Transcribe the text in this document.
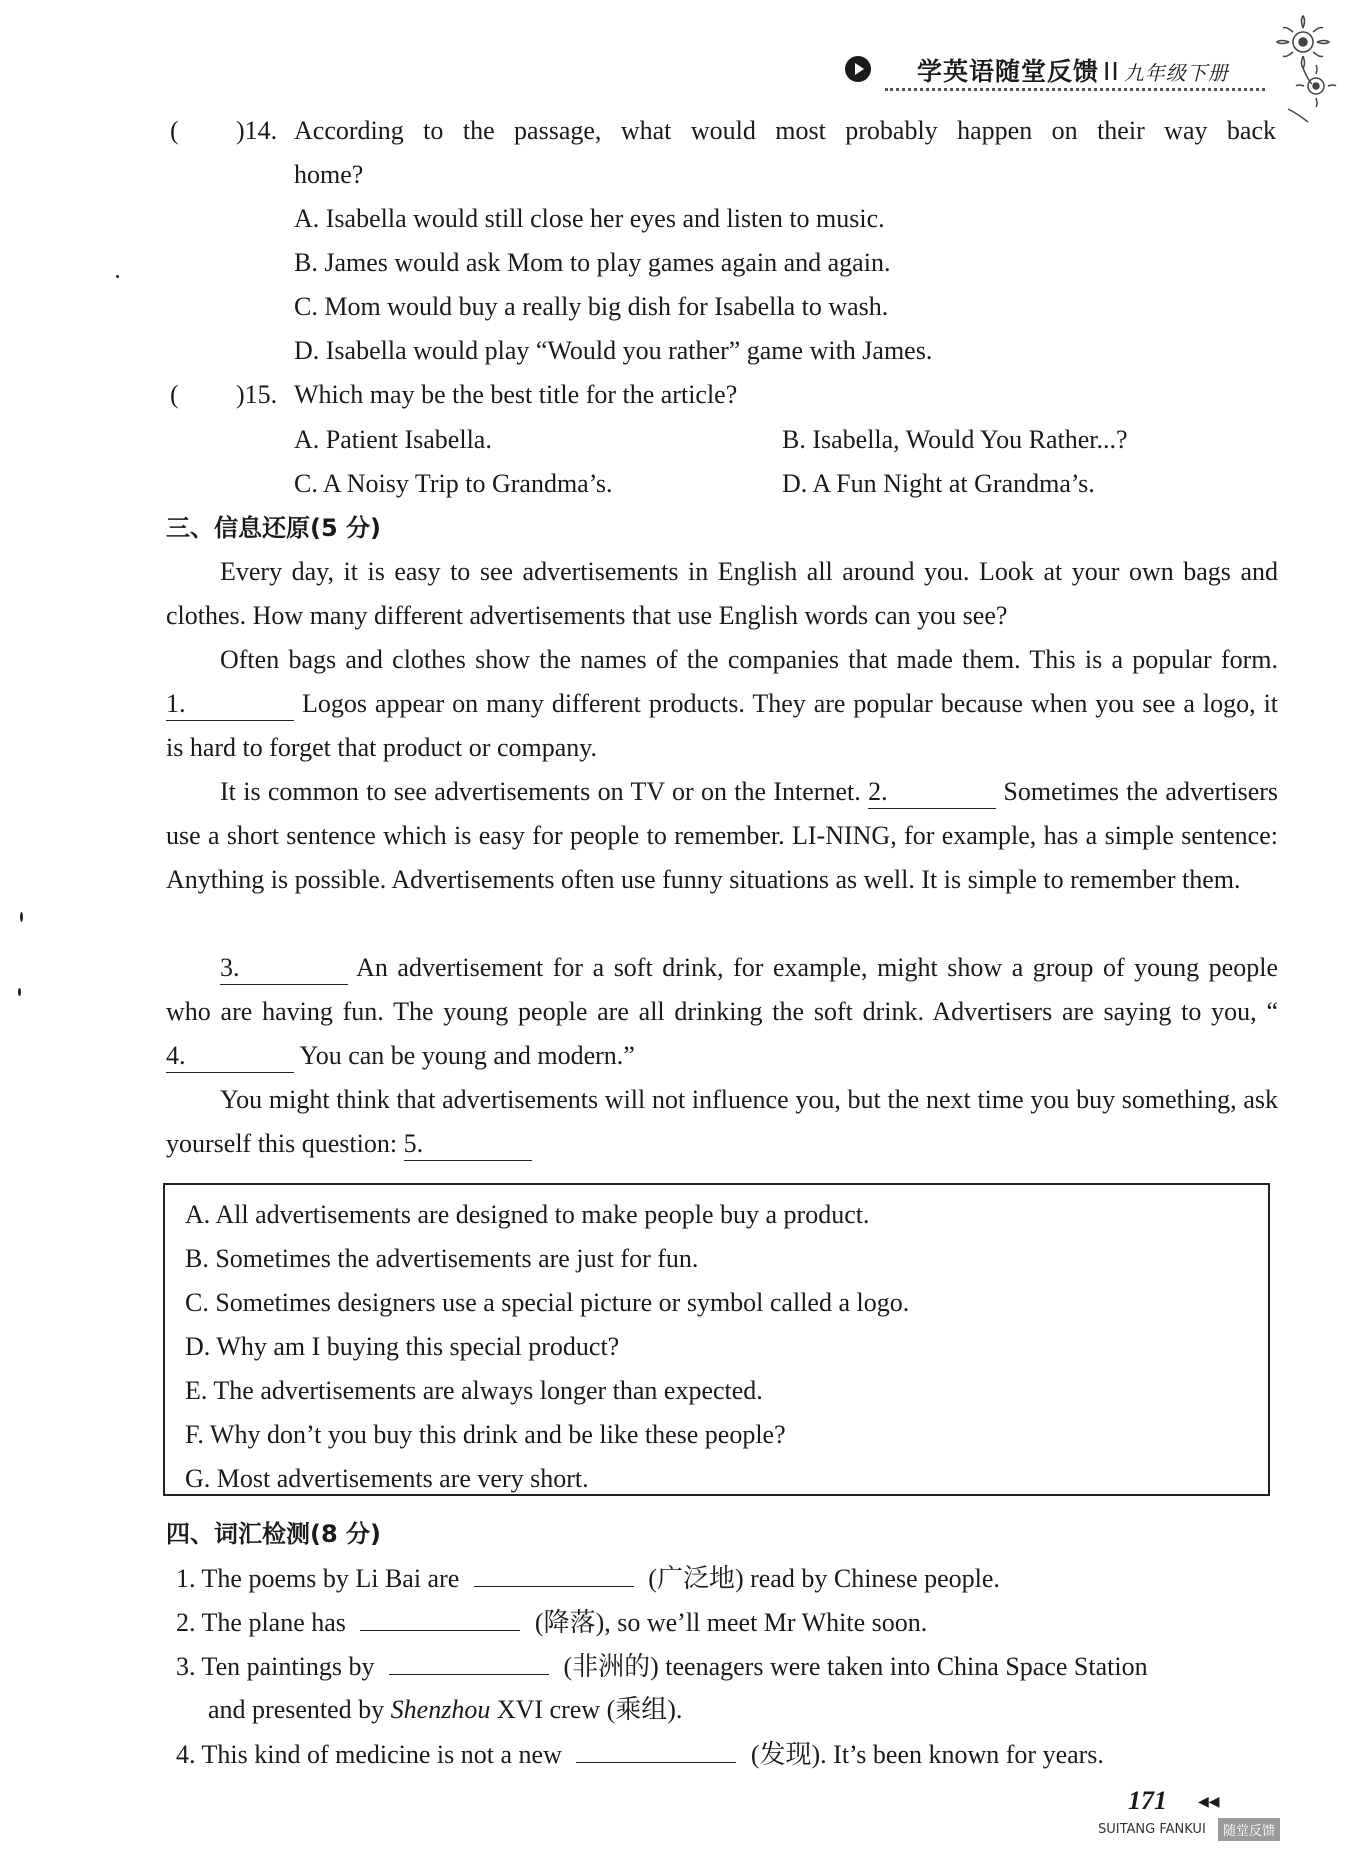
学英语随堂反馈 II 九年级下册
( )14. According to the passage, what would most probably happen on their way back
home?
A. Isabella would still close her eyes and listen to music.
B. James would ask Mom to play games again and again.
C. Mom would buy a really big dish for Isabella to wash.
D. Isabella would play “Would you rather” game with James.
( )15. Which may be the best title for the article?
A. Patient Isabella.	B. Isabella, Would You Rather...?
C. A Noisy Trip to Grandma’s.	D. A Fun Night at Grandma’s.
三、信息还原(5 分)
Every day, it is easy to see advertisements in English all around you. Look at your own bags and clothes. How many different advertisements that use English words can you see?
Often bags and clothes show the names of the companies that made them. This is a popular form. 1.	Logos appear on many different products. They are popular because when you see a logo, it is hard to forget that product or company.
It is common to see advertisements on TV or on the Internet. 2.	Sometimes the advertisers use a short sentence which is easy for people to remember. LI-NING, for example, has a simple sentence: Anything is possible. Advertisements often use funny situations as well. It is simple to remember them.
3.	An advertisement for a soft drink, for example, might show a group of young people who are having fun. The young people are all drinking the soft drink. Advertisers are saying to you, “4.	You can be young and modern.”
You might think that advertisements will not influence you, but the next time you buy something, ask yourself this question: 5.
A. All advertisements are designed to make people buy a product.
B. Sometimes the advertisements are just for fun.
C. Sometimes designers use a special picture or symbol called a logo.
D. Why am I buying this special product?
E. The advertisements are always longer than expected.
F. Why don’t you buy this drink and be like these people?
G. Most advertisements are very short.
四、词汇检测(8 分)
1. The poems by Li Bai are	(广泛地) read by Chinese people.
2. The plane has	(降落), so we’ll meet Mr White soon.
3. Ten paintings by	(非洲的) teenagers were taken into China Space Station
and presented by Shenzhou XVI crew (乘组).
4. This kind of medicine is not a new	(发现). It’s been known for years.
171 ◀◀
SUITANG FANKUI	随堂反馈
